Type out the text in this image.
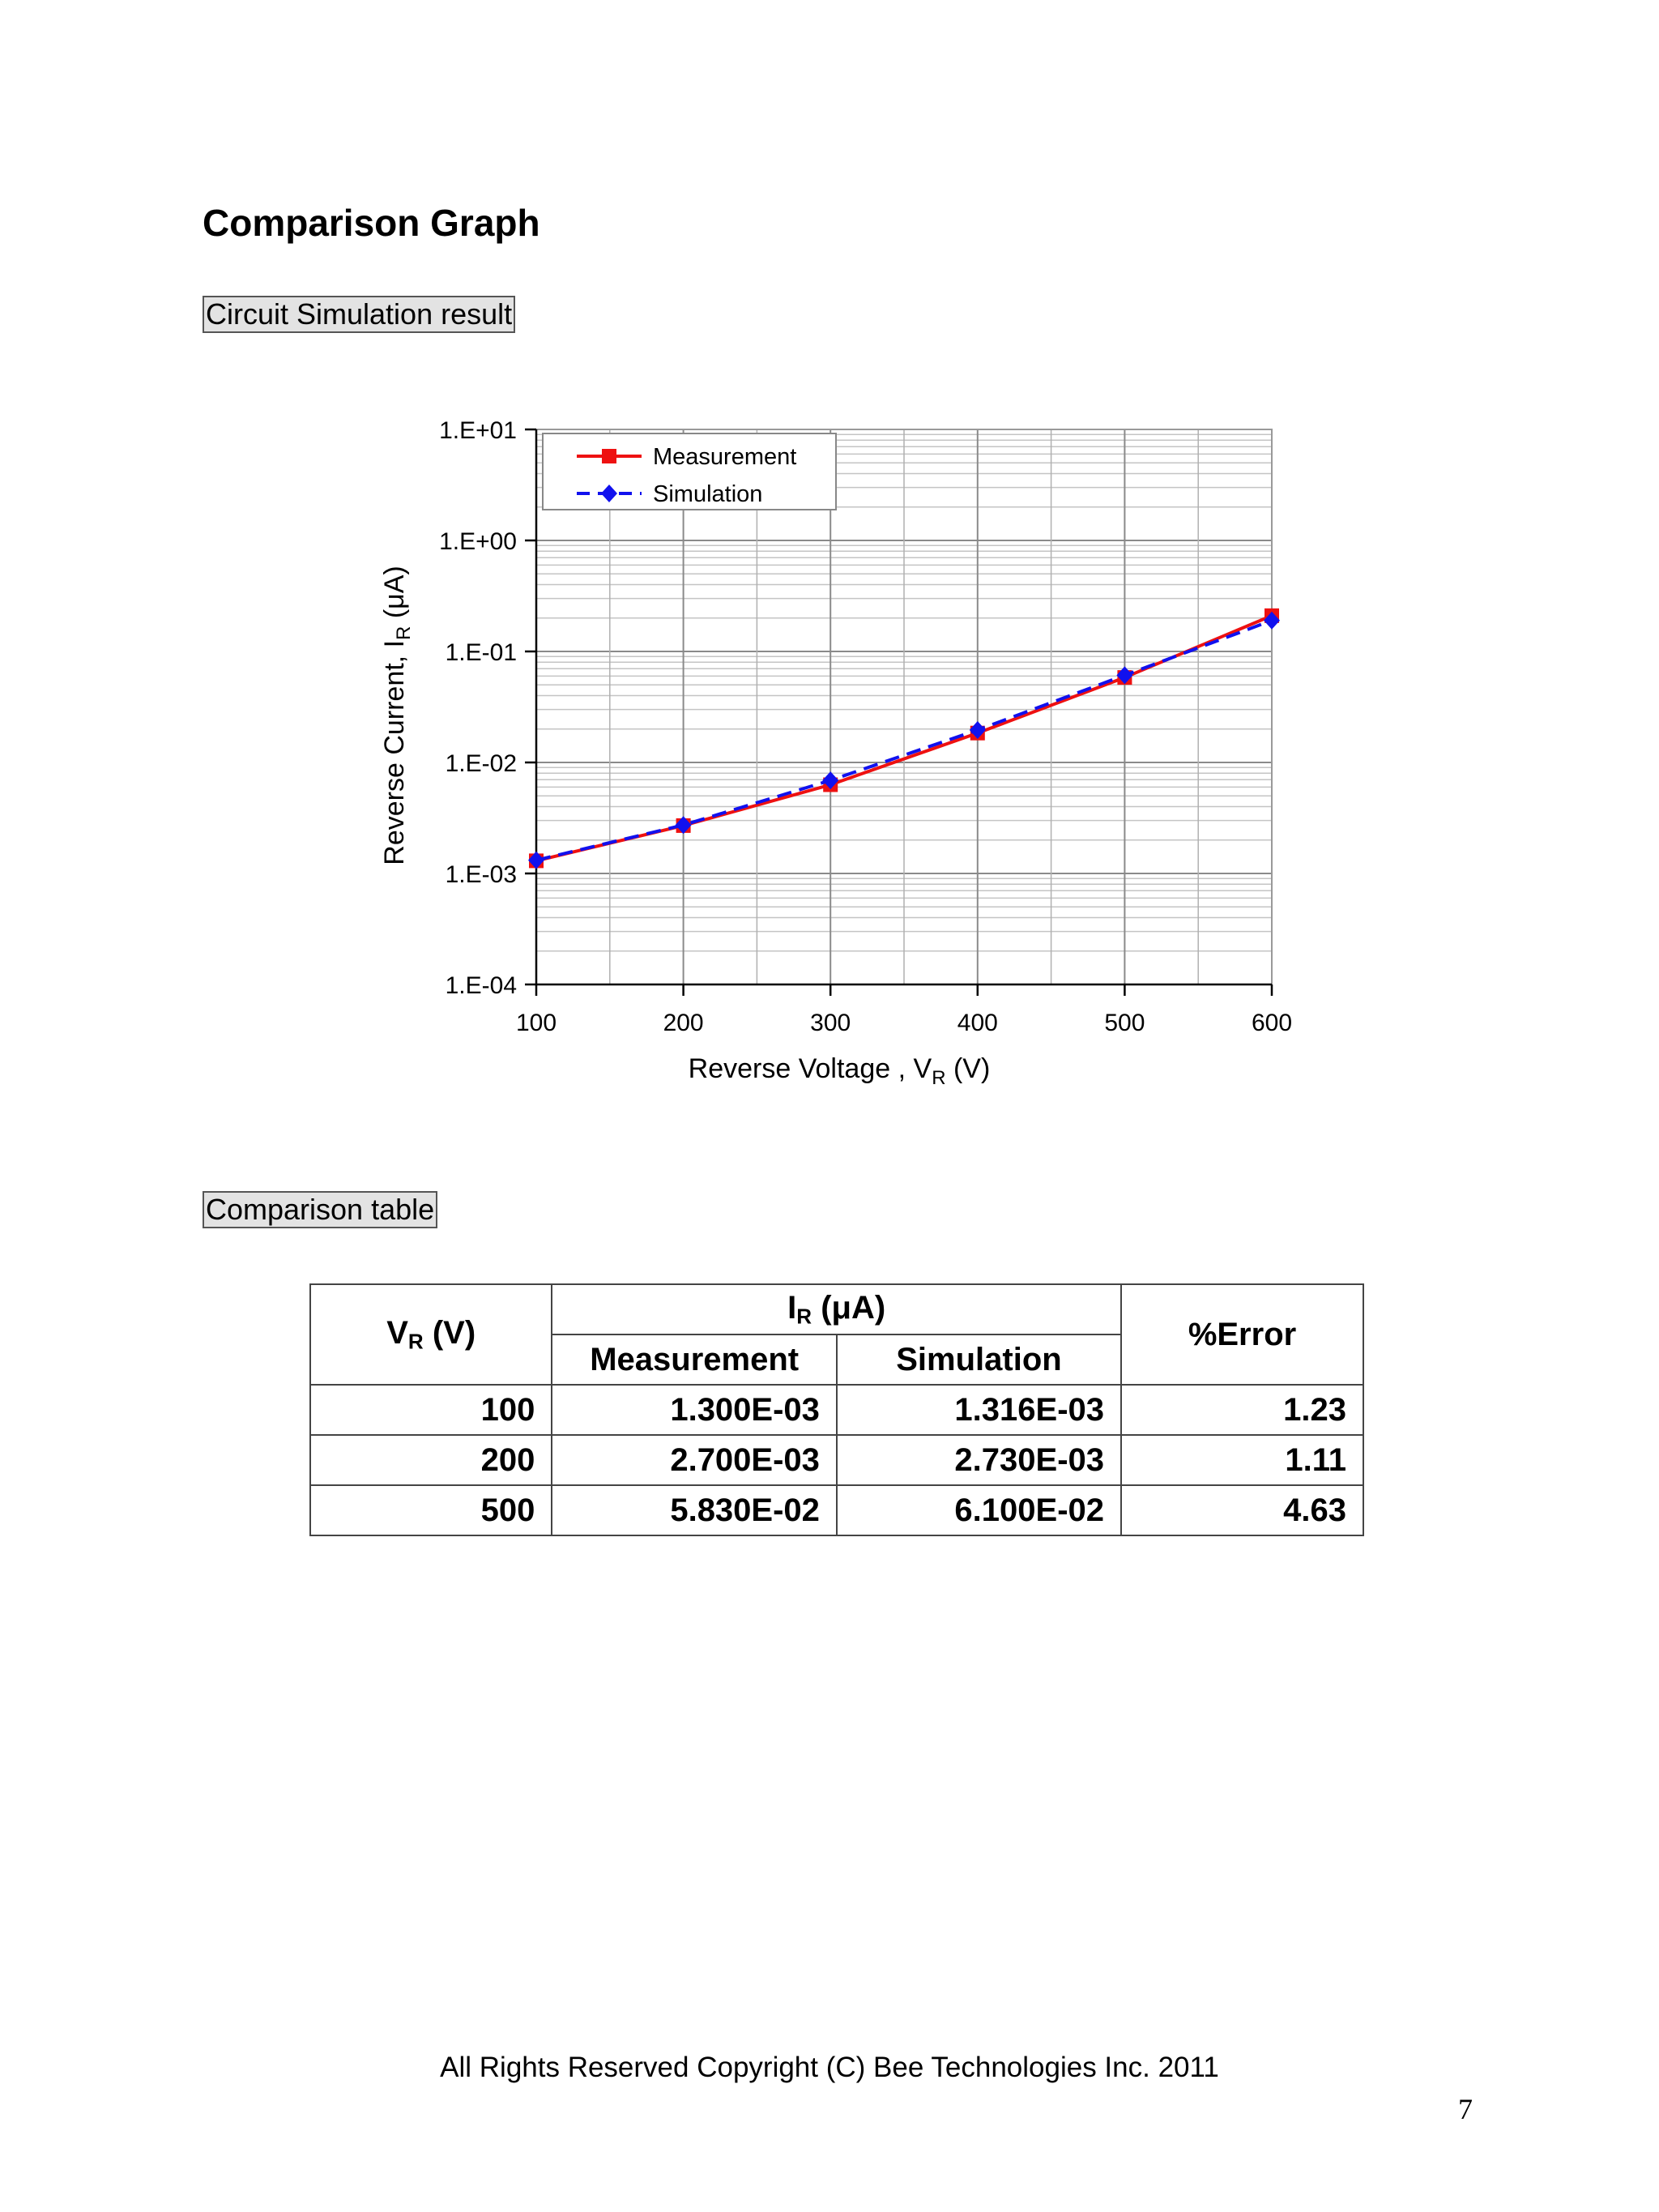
Comparison Graph
Circuit Simulation result
1.E+01
1.E+00
1.E-01
1.E-02
1.E-03
1.E-04
100	200	300	400	500	600
Measurement
Simulation
Reverse Current, $I_R$ (μA)
Reverse Voltage , $V_R$ (V)
Comparison table
$V_R$ (V)	$I_R$ (μA)		%Error
	Measurement	Simulation	
100	1.300E-03	1.316E-03	1.23
200	2.700E-03	2.730E-03	1.11
500	5.830E-02	6.100E-02	4.63
All Rights Reserved Copyright (C) Bee Technologies Inc. 2011
7
